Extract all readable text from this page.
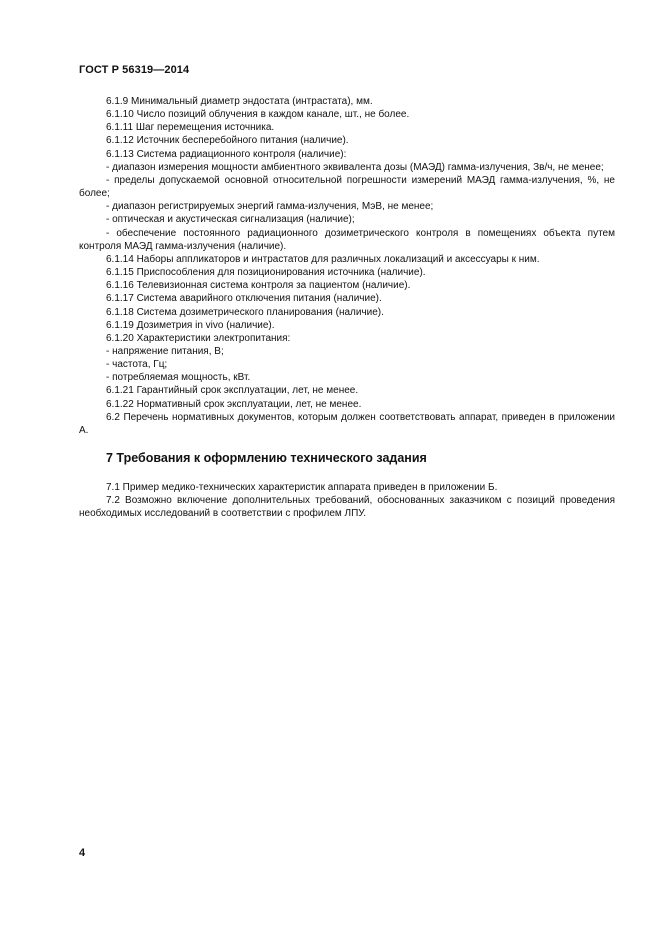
ГОСТ Р 56319—2014

6.1.9 Минимальный диаметр эндостата (интрастата), мм.

6.1.10 Число позиций облучения в каждом канале, шт., не более.

6.1.11 Шаг перемещения источника.

6.1.12 Источник бесперебойного питания (наличие).

6.1.13 Система радиационного контроля (наличие):

- диапазон измерения мощности амбиентного эквивалента дозы (МАЭД) гамма-излучения, Зв/ч, не менее;

- пределы допускаемой основной относительной погрешности измерений МАЭД гамма-излучения, %, не более;

- диапазон регистрируемых энергий гамма-излучения, МэВ, не менее;

- оптическая и акустическая сигнализация (наличие);

- обеспечение постоянного радиационного дозиметрического контроля в помещениях объекта путем контроля МАЭД гамма-излучения (наличие).

6.1.14 Наборы аппликаторов и интрастатов для различных локализаций и аксессуары к ним.

6.1.15 Приспособления для позиционирования источника (наличие).

6.1.16 Телевизионная система контроля за пациентом (наличие).

6.1.17 Система аварийного отключения питания (наличие).

6.1.18 Система дозиметрического планирования (наличие).

6.1.19 Дозиметрия in vivo (наличие).

6.1.20 Характеристики электропитания:

- напряжение питания, В;

- частота, Гц;

- потребляемая мощность, кВт.

6.1.21 Гарантийный срок эксплуатации, лет, не менее.

6.1.22 Нормативный срок эксплуатации, лет, не менее.

6.2 Перечень нормативных документов, которым должен соответствовать аппарат, приведен в приложении А.

7 Требования к оформлению технического задания

7.1 Пример медико-технических характеристик аппарата приведен в приложении Б.

7.2 Возможно включение дополнительных требований, обоснованных заказчиком с позиций проведения необходимых исследований в соответствии с профилем ЛПУ.

4
